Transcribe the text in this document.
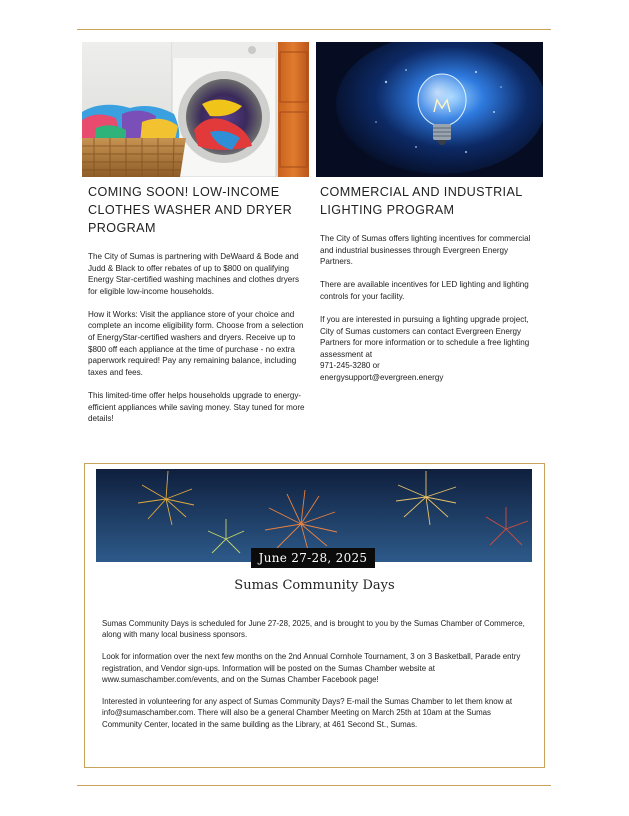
COMING SOON! LOW-INCOME CLOTHES WASHER AND DRYER PROGRAM

The City of Sumas is partnering with DeWaard & Bode and Judd & Black to offer rebates of up to $800 on qualifying Energy Star-certified washing machines and clothes dryers for eligible low-income households.

How it Works: Visit the appliance store of your choice and complete an income eligibility form. Choose from a selection of EnergyStar-certified washers and dryers. Receive up to $800 off each appliance at the time of purchase - no extra paperwork required! Pay any remaining balance, including taxes and fees.

This limited-time offer helps households upgrade to energy-efficient appliances while saving money. Stay tuned for more details!

COMMERCIAL AND INDUSTRIAL LIGHTING PROGRAM

The City of Sumas offers lighting incentives for commercial and industrial businesses through Evergreen Energy Partners.

There are available incentives for LED lighting and lighting controls for your facility.

If you are interested in pursuing a lighting upgrade project, City of Sumas customers can contact Evergreen Energy Partners for more information or to schedule a free lighting assessment at
971-245-3280 or
energysupport@evergreen.energy

June 27-28, 2025
Sumas Community Days

Sumas Community Days is scheduled for June 27-28, 2025, and is brought to you by the Sumas Chamber of Commerce, along with many local business sponsors.

Look for information over the next few months on the 2nd Annual Cornhole Tournament, 3 on 3 Basketball, Parade entry registration, and Vendor sign-ups. Information will be posted on the Sumas Chamber website at www.sumaschamber.com/events, and on the Sumas Chamber Facebook page!

Interested in volunteering for any aspect of Sumas Community Days? E-mail the Sumas Chamber to let them know at info@sumaschamber.com. There will also be a general Chamber Meeting on March 25th at 10am at the Sumas Community Center, located in the same building as the Library, at 461 Second St., Sumas.
